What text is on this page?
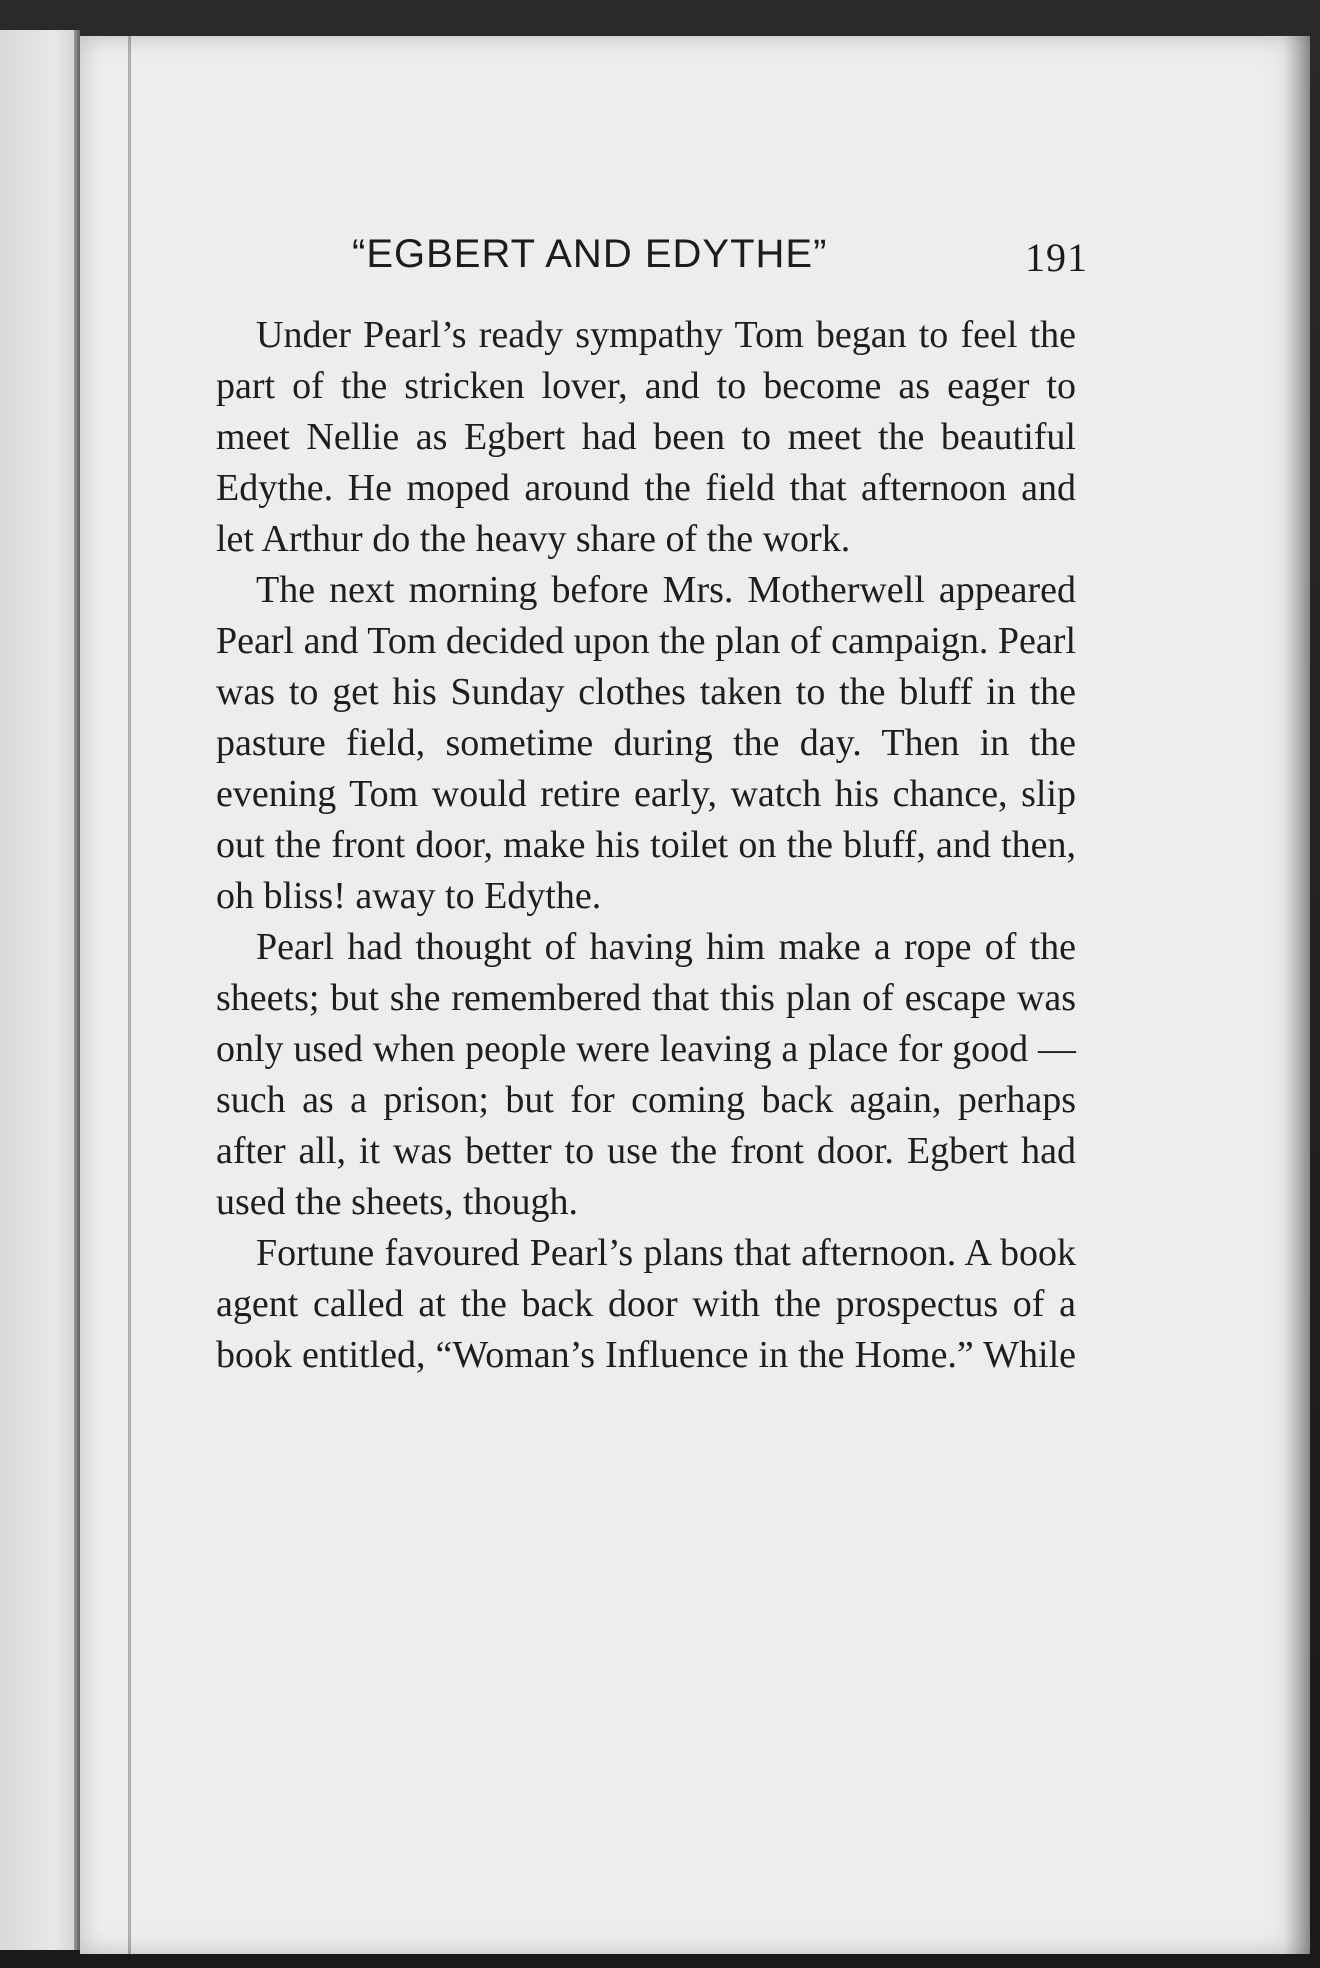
“EGBERT AND EDYTHE”	191

Under Pearl’s ready sympathy Tom began to feel the part of the stricken lover, and to become as eager to meet Nellie as Egbert had been to meet the beautiful Edythe. He moped around the field that afternoon and let Arthur do the heavy share of the work.

The next morning before Mrs. Motherwell appeared Pearl and Tom decided upon the plan of campaign. Pearl was to get his Sunday clothes taken to the bluff in the pasture field, sometime during the day. Then in the evening Tom would retire early, watch his chance, slip out the front door, make his toilet on the bluff, and then, oh bliss! away to Edythe.

Pearl had thought of having him make a rope of the sheets; but she remembered that this plan of escape was only used when people were leaving a place for good — such as a prison; but for coming back again, perhaps after all, it was better to use the front door. Egbert had used the sheets, though.

Fortune favoured Pearl’s plans that afternoon. A book agent called at the back door with the prospectus of a book entitled, “Woman’s Influence in the Home.” While
